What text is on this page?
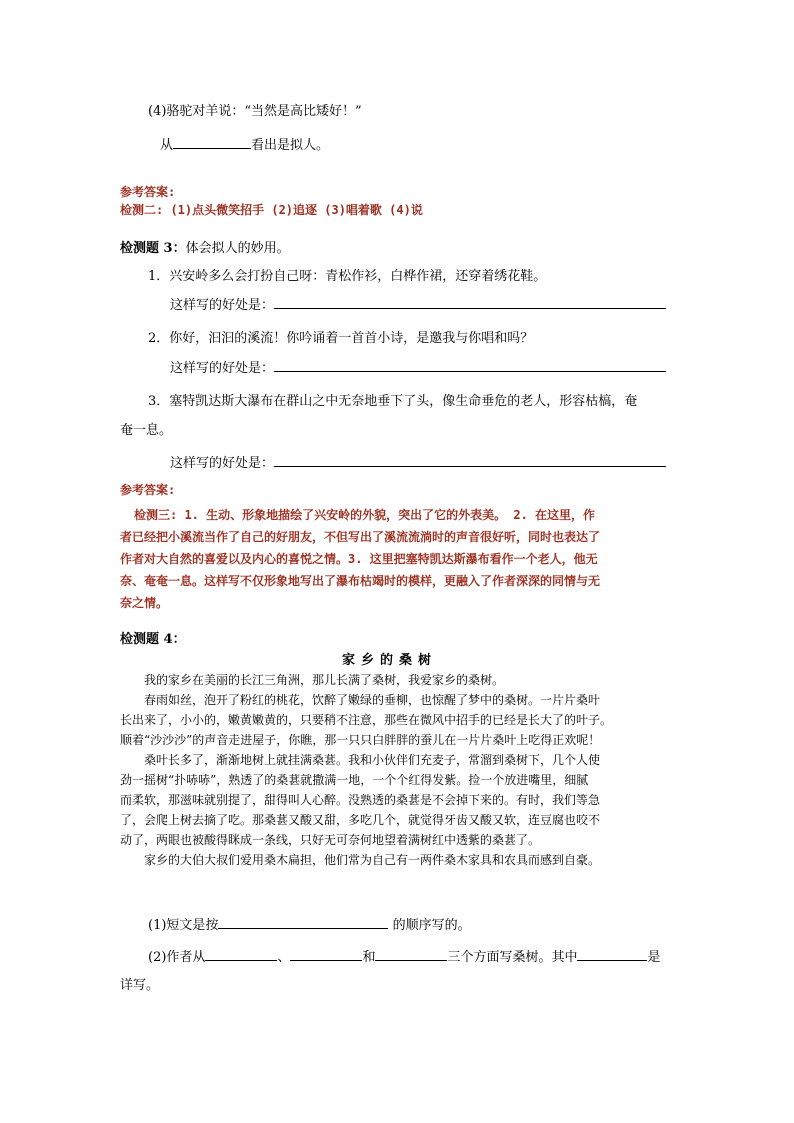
(4)骆驼对羊说：“当然是高比矮好！”
从	看出是拟人。
参考答案:
检测二: (1)点头微笑招手 (2)追逐 (3)唱着歌 (4)说
检测题 3：体会拟人的妙用。
1．兴安岭多么会打扮自己呀：青松作衫，白桦作裙，还穿着绣花鞋。
这样写的好处是：
2．你好，汩汩的溪流！你吟诵着一首首小诗，是邀我与你唱和吗？
这样写的好处是：
3．塞特凯达斯大瀑布在群山之中无奈地垂下了头，像生命垂危的老人，形容枯槁，奄
奄一息。
这样写的好处是：
参考答案:
检测三: 1. 生动、形象地描绘了兴安岭的外貌，突出了它的外表美。 2. 在这里，作
者已经把小溪流当作了自己的好朋友，不但写出了溪流流淌时的声音很好听，同时也表达了
作者对大自然的喜爱以及内心的喜悦之情。3. 这里把塞特凯达斯瀑布看作一个老人，他无
奈、奄奄一息。这样写不仅形象地写出了瀑布枯竭时的模样，更融入了作者深深的同情与无
奈之情。
检测题 4：
家乡的桑树
我的家乡在美丽的长江三角洲，那儿长满了桑树，我爱家乡的桑树。
春雨如丝，泡开了粉红的桃花，饮醉了嫩绿的垂柳，也惊醒了梦中的桑树。一片片桑叶
长出来了，小小的，嫩黄嫩黄的，只要稍不注意，那些在微风中招手的已经是长大了的叶子。
顺着“沙沙沙”的声音走进屋子，你瞧，那一只只白胖胖的蚕儿在一片片桑叶上吃得正欢呢！
桑叶长多了，渐渐地树上就挂满桑葚。我和小伙伴们充麦子，常溜到桑树下，几个人使
劲一摇树“扑哧哧”，熟透了的桑葚就撒满一地，一个个红得发紫。捡一个放进嘴里，细腻
而柔软，那滋味就别提了，甜得叫人心醉。没熟透的桑葚是不会掉下来的。有时，我们等急
了，会爬上树去摘了吃。那桑葚又酸又甜，多吃几个，就觉得牙齿又酸又软，连豆腐也咬不
动了，两眼也被酸得眯成一条线，只好无可奈何地望着满树红中透紫的桑葚了。
家乡的大伯大叔们爱用桑木扁担，他们常为自己有一两件桑木家具和农具而感到自豪。
(1)短文是按	的顺序写的。
(2)作者从	、	和	三个方面写桑树。其中	是
详写。
